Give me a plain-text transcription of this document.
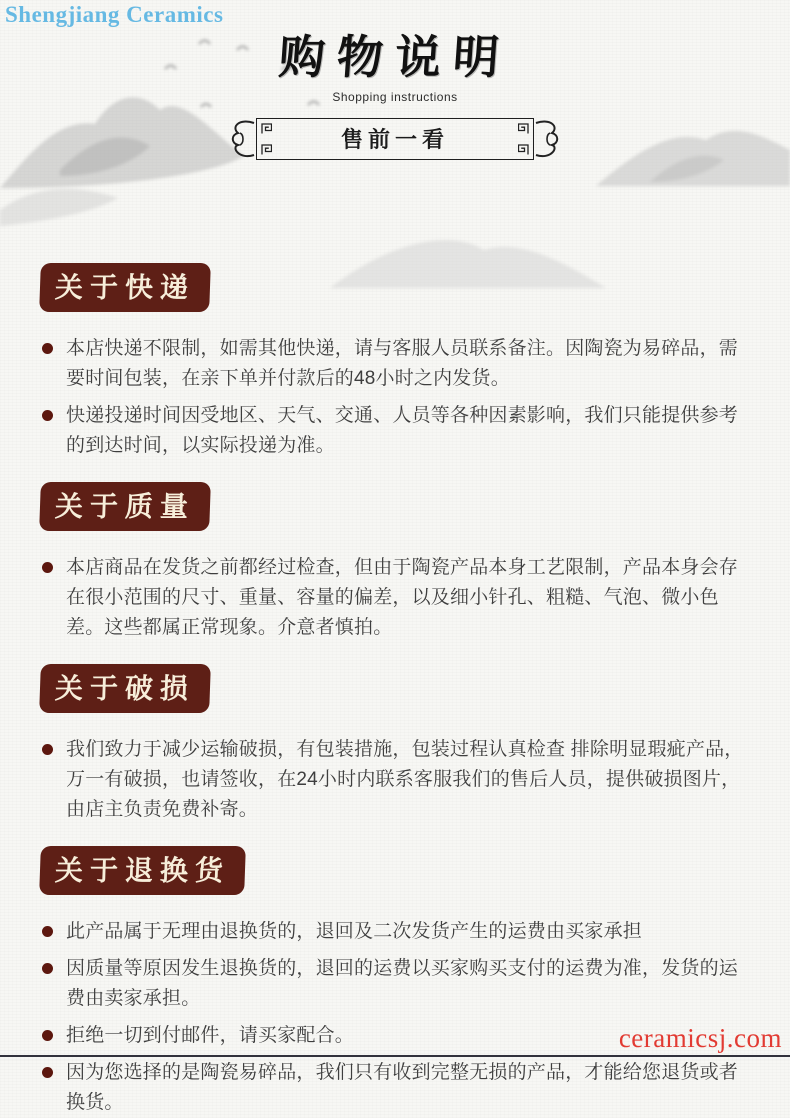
Shengjiang Ceramics
购物说明
Shopping instructions
售前一看
关于快递
本店快递不限制，如需其他快递，请与客服人员联系备注。因陶瓷为易碎品，需要时间包装，在亲下单并付款后的48小时之内发货。
快递投递时间因受地区、天气、交通、人员等各种因素影响，我们只能提供参考的到达时间，以实际投递为准。
关于质量
本店商品在发货之前都经过检查，但由于陶瓷产品本身工艺限制，产品本身会存在很小范围的尺寸、重量、容量的偏差，以及细小针孔、粗糙、气泡、微小色差。这些都属正常现象。介意者慎拍。
关于破损
我们致力于减少运输破损，有包装措施，包装过程认真检查 排除明显瑕疵产品，万一有破损，也请签收，在24小时内联系客服我们的售后人员，提供破损图片，由店主负责免费补寄。
关于退换货
此产品属于无理由退换货的，退回及二次发货产生的运费由买家承担
因质量等原因发生退换货的，退回的运费以买家购买支付的运费为准，发货的运费由卖家承担。
拒绝一切到付邮件，请买家配合。
因为您选择的是陶瓷易碎品，我们只有收到完整无损的产品，才能给您退货或者换货。
ceramicsj.com
